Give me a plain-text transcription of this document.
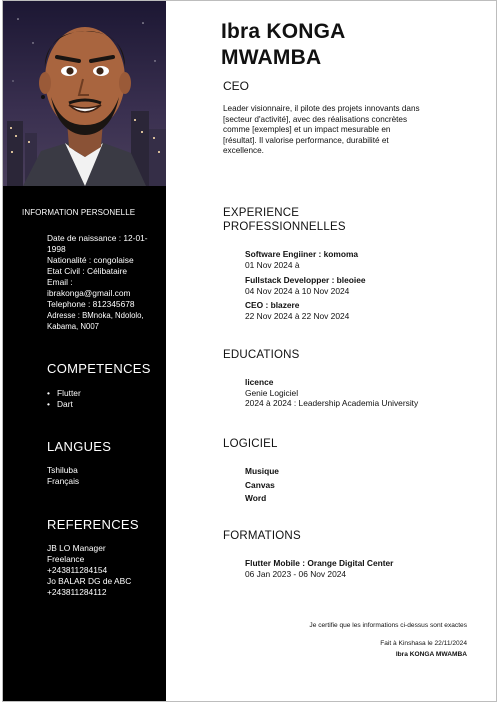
INFORMATION PERSONELLE
Date de naissance : 12-01-1998
Nationalité : congolaise
Etat Civil : Célibataire
Email :
ibrakonga@gmail.com
Telephone : 812345678
Adresse : BMnoka, Ndololo, Kabama, N007
COMPETENCES
• Flutter
• Dart
LANGUES
Tshiluba
Français
REFERENCES
JB LO Manager
Freelance
+243811284154
Jo BALAR DG de ABC
+243811284112
Ibra KONGA
MWAMBA
CEO
Leader visionnaire, il pilote des projets innovants dans [secteur d'activité], avec des réalisations concrètes comme [exemples] et un impact mesurable en [résultat]. Il valorise performance, durabilité et excellence.
EXPERIENCE
PROFESSIONNELLES
Software Engiiner : komoma
01 Nov 2024 à
Fullstack Developper : bleoiee
04 Nov 2024 à 10 Nov 2024
CEO : blazere
22 Nov 2024 à 22 Nov 2024
EDUCATIONS
licence
Genie Logiciel
2024 à 2024 : Leadership Academia University
LOGICIEL
Musique
Canvas
Word
FORMATIONS
Flutter Mobile : Orange Digital Center
06 Jan 2023 - 06 Nov 2024
Je certifie que les informations ci-dessus sont exactes
Fait à Kinshasa le 22/11/2024
Ibra KONGA MWAMBA
